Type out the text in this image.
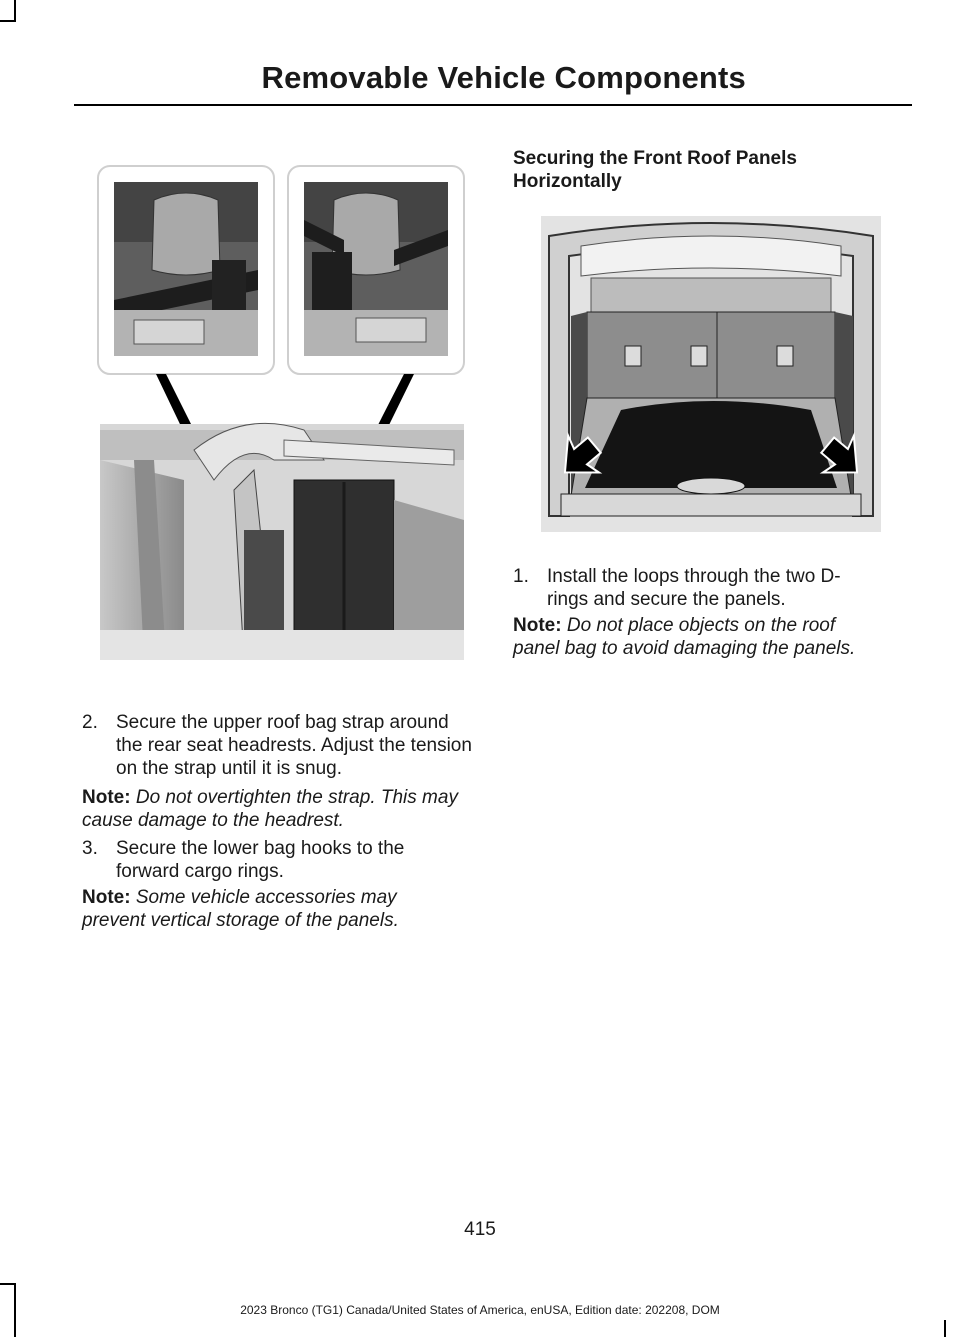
Removable Vehicle Components
Securing the Front Roof Panels Horizontally
1. Install the loops through the two D-rings and secure the panels.
Note: Do not place objects on the roof panel bag to avoid damaging the panels.
2. Secure the upper roof bag strap around the rear seat headrests. Adjust the tension on the strap until it is snug.
Note: Do not overtighten the strap. This may cause damage to the headrest.
3. Secure the lower bag hooks to the forward cargo rings.
Note: Some vehicle accessories may prevent vertical storage of the panels.
415
2023 Bronco (TG1) Canada/United States of America, enUSA, Edition date: 202208, DOM
